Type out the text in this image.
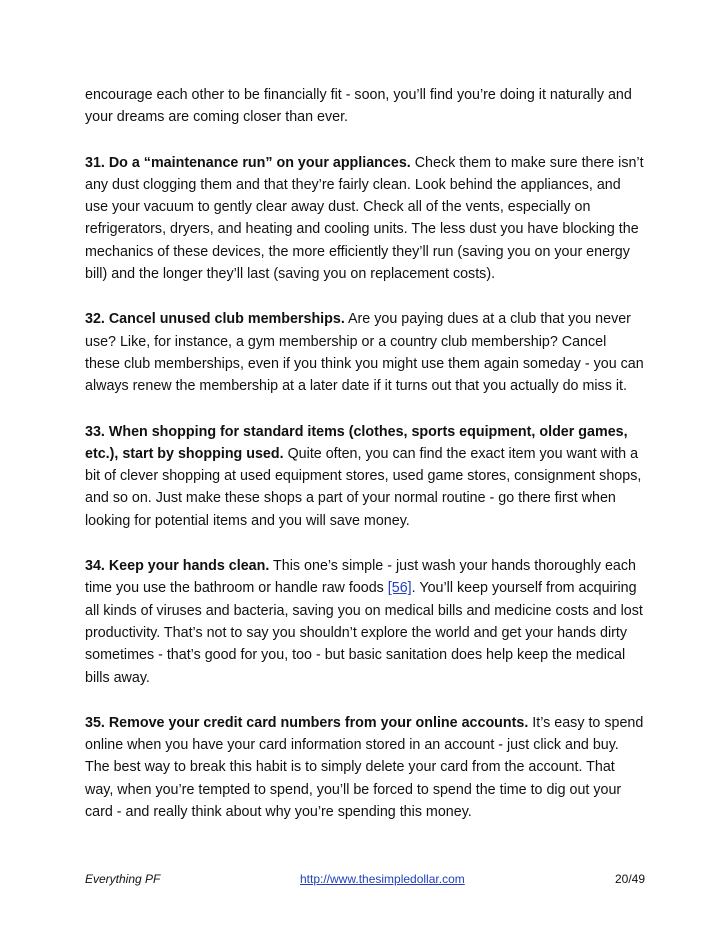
encourage each other to be financially fit - soon, you’ll find you’re doing it naturally and your dreams are coming closer than ever.

31. Do a “maintenance run” on your appliances. Check them to make sure there isn’t any dust clogging them and that they’re fairly clean. Look behind the appliances, and use your vacuum to gently clear away dust. Check all of the vents, especially on refrigerators, dryers, and heating and cooling units. The less dust you have blocking the mechanics of these devices, the more efficiently they’ll run (saving you on your energy bill) and the longer they’ll last (saving you on replacement costs).

32. Cancel unused club memberships. Are you paying dues at a club that you never use? Like, for instance, a gym membership or a country club membership? Cancel these club memberships, even if you think you might use them again someday - you can always renew the membership at a later date if it turns out that you actually do miss it.

33. When shopping for standard items (clothes, sports equipment, older games, etc.), start by shopping used. Quite often, you can find the exact item you want with a bit of clever shopping at used equipment stores, used game stores, consignment shops, and so on. Just make these shops a part of your normal routine - go there first when looking for potential items and you will save money.

34. Keep your hands clean. This one’s simple - just wash your hands thoroughly each time you use the bathroom or handle raw foods [56]. You’ll keep yourself from acquiring all kinds of viruses and bacteria, saving you on medical bills and medicine costs and lost productivity. That’s not to say you shouldn’t explore the world and get your hands dirty sometimes - that’s good for you, too - but basic sanitation does help keep the medical bills away.

35. Remove your credit card numbers from your online accounts. It’s easy to spend online when you have your card information stored in an account - just click and buy. The best way to break this habit is to simply delete your card from the account. That way, when you’re tempted to spend, you’ll be forced to spend the time to dig out your card - and really think about why you’re spending this money.

Everything PF	http://www.thesimpledollar.com	20/49
